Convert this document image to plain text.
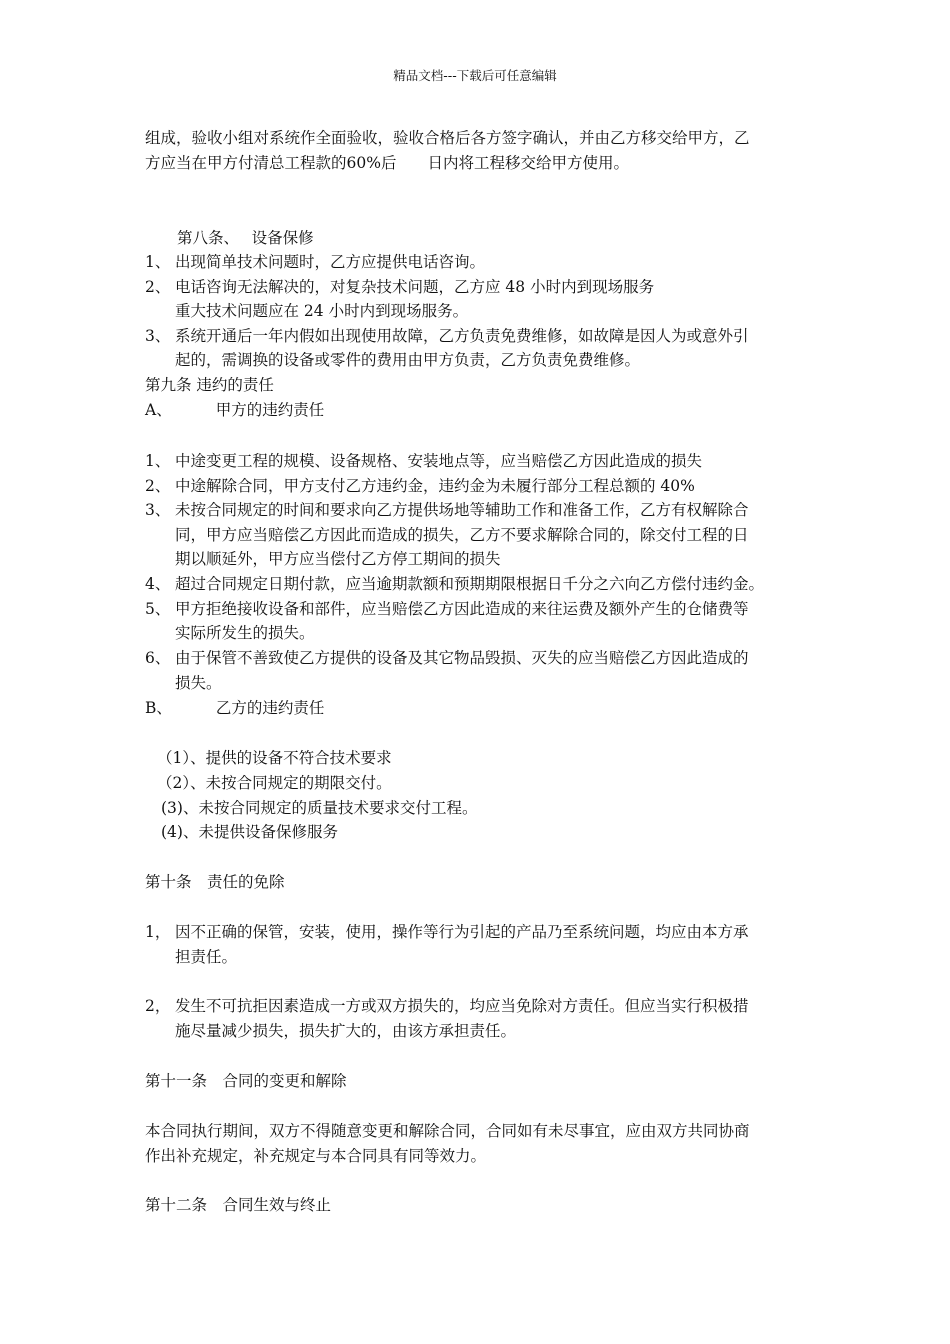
精品文档---下载后可任意编辑
组成，验收小组对系统作全面验收，验收合格后各方签字确认，并由乙方移交给甲方，乙
方应当在甲方付清总工程款的60%后　　日内将工程移交给甲方使用。
第八条、　 设备保修
1、 出现简单技术问题时，乙方应提供电话咨询。
2、 电话咨询无法解决的，对复杂技术问题，乙方应 48 小时内到现场服务
重大技术问题应在 24 小时内到现场服务。
3、 系统开通后一年内假如出现使用故障，乙方负责免费维修，如故障是因人为或意外引
起的，需调换的设备或零件的费用由甲方负责，乙方负责免费维修。
第九条 违约的责任
A、	甲方的违约责任
1、 中途变更工程的规模、设备规格、安装地点等，应当赔偿乙方因此造成的损失
2、 中途解除合同，甲方支付乙方违约金，违约金为未履行部分工程总额的 40%
3、 未按合同规定的时间和要求向乙方提供场地等辅助工作和准备工作，乙方有权解除合
同，甲方应当赔偿乙方因此而造成的损失，乙方不要求解除合同的，除交付工程的日
期以顺延外，甲方应当偿付乙方停工期间的损失
4、 超过合同规定日期付款，应当逾期款额和预期期限根据日千分之六向乙方偿付违约金。
5、 甲方拒绝接收设备和部件，应当赔偿乙方因此造成的来往运费及额外产生的仓储费等
实际所发生的损失。
6、 由于保管不善致使乙方提供的设备及其它物品毁损、灭失的应当赔偿乙方因此造成的
损失。
B、	乙方的违约责任
（1）、提供的设备不符合技术要求
（2）、未按合同规定的期限交付。
(3)、未按合同规定的质量技术要求交付工程。
(4)、未提供设备保修服务
第十条　责任的免除
1， 因不正确的保管，安装，使用，操作等行为引起的产品乃至系统问题，均应由本方承
担责任。
2， 发生不可抗拒因素造成一方或双方损失的，均应当免除对方责任。但应当实行积极措
施尽量减少损失，损失扩大的，由该方承担责任。
第十一条　合同的变更和解除
本合同执行期间，双方不得随意变更和解除合同，合同如有未尽事宜，应由双方共同协商
作出补充规定，补充规定与本合同具有同等效力。
第十二条　合同生效与终止
